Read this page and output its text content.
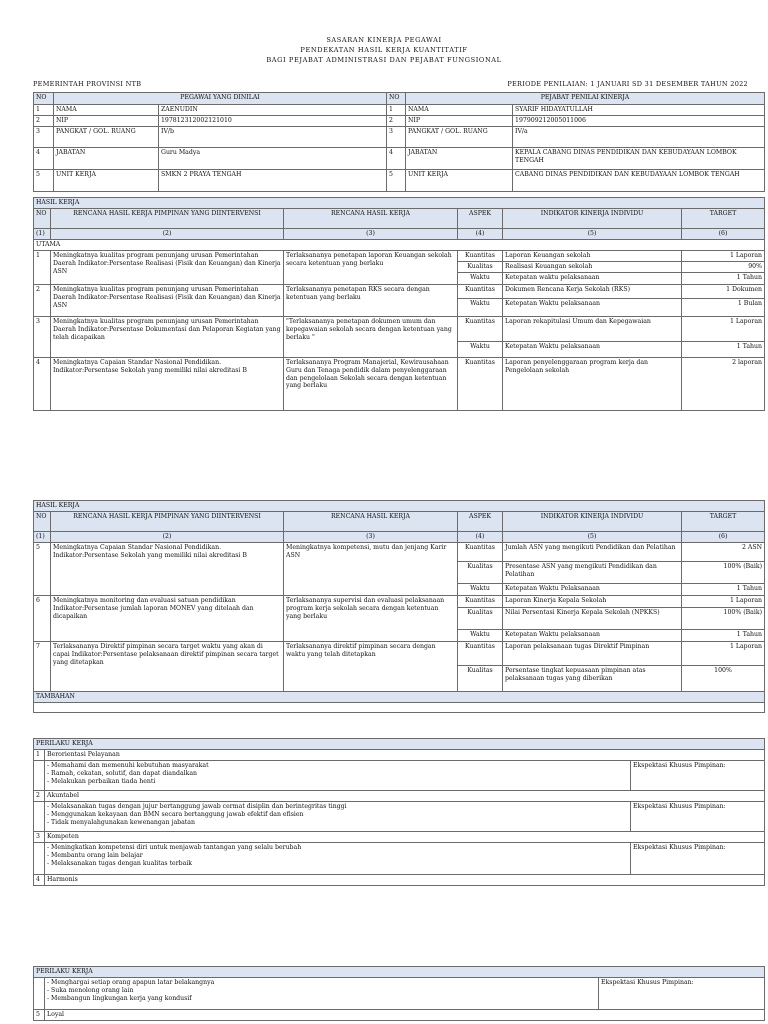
SASARAN KINERJA PEGAWAI
PENDEKATAN HASIL KERJA KUANTITATIF
BAGI PEJABAT ADMINISTRASI DAN PEJABAT FUNGSIONAL
PEMERINTAH PROVINSI NTB	PERIODE PENILAIAN: 1 JANUARI SD 31 DESEMBER TAHUN 2022
NO	PEGAWAI YANG DINILAI		NO	PEJABAT PENILAI KINERJA	
1	NAMA	ZAENUDIN	1	NAMA	SYARIF HIDAYATULLAH
2	NIP	197812312002121010	2	NIP	197909212005011006
3	PANGKAT / GOL. RUANG	IV/b	3	PANGKAT / GOL. RUANG	IV/a
4	JABATAN	Guru Madya	4	JABATAN	KEPALA CABANG DINAS PENDIDIKAN DAN KEBUDAYAAN LOMBOK TENGAH
5	UNIT KERJA	SMKN 2 PRAYA TENGAH	5	UNIT KERJA	CABANG DINAS PENDIDIKAN DAN KEBUDAYAAN LOMBOK TENGAH
HASIL KERJA					
NO	RENCANA HASIL KERJA PIMPINAN YANG DIINTERVENSI	RENCANA HASIL KERJA	ASPEK	INDIKATOR KINERJA INDIVIDU	TARGET
(1)	(2)	(3)	(4)	(5)	(6)
UTAMA					
1	Meningkatnya kualitas program penunjang urusan Pemerintahan Daerah Indikator:Persentase Realisasi (Fisik dan Keuangan) dan Kinerja ASN	Terlaksananya penetapan laporan Keuangan sekolah secara ketentuan yang berlaku	Kuantitas	Laporan Keuangan sekolah	1 Laporan
			Kualitas	Realisasi Keuangan sekolah	90%
			Waktu	Ketepatan waktu pelaksanaan	1 Tahun
2	Meningkatnya kualitas program penunjang urusan Pemerintahan Daerah Indikator:Persentase Realisasi (Fisik dan Keuangan) dan Kinerja ASN	Terlaksananya penetapan RKS secara dengan ketentuan yang berlaku	Kuantitas	Dokumen Rencana Kerja Sekolah (RKS)	1 Dokumen
			Waktu	Ketepatan Waktu pelaksanaan	1 Bulan
3	Meningkatnya kualitas program penunjang urusan Pemerintahan Daerah Indikator:Persentase Dokumentasi dan Pelaporan Kegiatan yang telah dicapaikan	"Terlaksananya penetapan dokumen umum dan kepegawaian sekolah secara dengan ketentuan yang berlaku "	Kuantitas	Laporan rekapitulasi Umum dan Kepegawaian	1 Laporan
			Waktu	Ketepatan Waktu pelaksanaan	1 Tahun
4	Meningkatnya Capaian Standar Nasional Pendidikan. Indikator:Persentase Sekolah yang memiliki nilai akreditasi B	Terlaksananya Program Manajerial, Kewirausahaan Guru dan Tenaga pendidik dalam penyelenggaraan dan pengelolaan Sekolah secara dengan ketentuan yang berlaku	Kuantitas	Laporan penyelenggaraan program kerja dan Pengelolaan sekolah	2 laporan
HASIL KERJA					
NO	RENCANA HASIL KERJA PIMPINAN YANG DIINTERVENSI	RENCANA HASIL KERJA	ASPEK	INDIKATOR KINERJA INDIVIDU	TARGET
(1)	(2)	(3)	(4)	(5)	(6)
5	Meningkatnya Capaian Standar Nasional Pendidikan. Indikator:Persentase Sekolah yang memiliki nilai akreditasi B	Meningkatnya kompetensi, mutu dan jenjang Karir ASN	Kuantitas	Jumlah ASN yang mengikuti Pendidikan dan Pelatihan	2 ASN
			Kualitas	Presentase ASN yang mengikuti Pendidikan dan Pelatihan	100% (Baik)
			Waktu	Ketepatan Waktu Pelaksanaan	1 Tahun
6	Meningkatnya monitoring dan evaluasi satuan pendidikan Indikator:Persentase jumlah laporan MONEV yang ditelaah dan dicapaikan	Terlaksananya supervisi dan evaluasi pelaksanaan program kerja sekolah secara dengan ketentuan yang berlaku	Kuantitas	Laporan Kinerja Kepala Sekolah	1 Laporan
			Kualitas	Nilai Persentasi Kinerja Kepala Sekolah (NPKKS)	100% (Baik)
			Waktu	Ketepatan Waktu pelaksanaan	1 Tahun
7	Terlaksananya Direktif pimpinan secara target waktu yang akan di capai Indikator:Persentase pelaksanaan direktif pimpinan secara target yang ditetapkan	Terlaksananya direktif pimpinan secara dengan waktu yang telah ditetapkan	Kuantitas	Laporan pelaksanaan tugas Direktif Pimpinan	1 Laporan
			Kualitas	Persentase tingkat kepuasaan pimpinan atas pelaksanaan tugas yang diberikan	100%
TAMBAHAN					

PERILAKU KERJA		
1	Berorientasi Pelayanan	

	- Memahami dan memenuhi kebutuhan masyarakat
- Ramah, cekatan, solutif, dan dapat diandalkan
- Melakukan perbaikan tiada henti	Ekspektasi Khusus Pimpinan:
2	Akuntabel	

	- Melaksanakan tugas dengan jujur bertanggung jawab cermat disiplin dan berintegritas tinggi
- Menggunakan kekayaan dan BMN secara bertanggung jawab efektif dan efisien
- Tidak menyalahgunakan kewenangan jabatan	Ekspektasi Khusus Pimpinan:
3	Kompeten	

	- Meningkatkan kompetensi diri untuk menjawab tantangan yang selalu berubah
- Membantu orang lain belajar
- Melaksanakan tugas dengan kualitas terbaik	Ekspektasi Khusus Pimpinan:
4	Harmonis	
PERILAKU KERJA		

	- Menghargai setiap orang apapun latar belakangnya
- Suka menolong orang lain
- Membangun lingkungan kerja yang kondusif	Ekspektasi Khusus Pimpinan:
5	Loyal	
